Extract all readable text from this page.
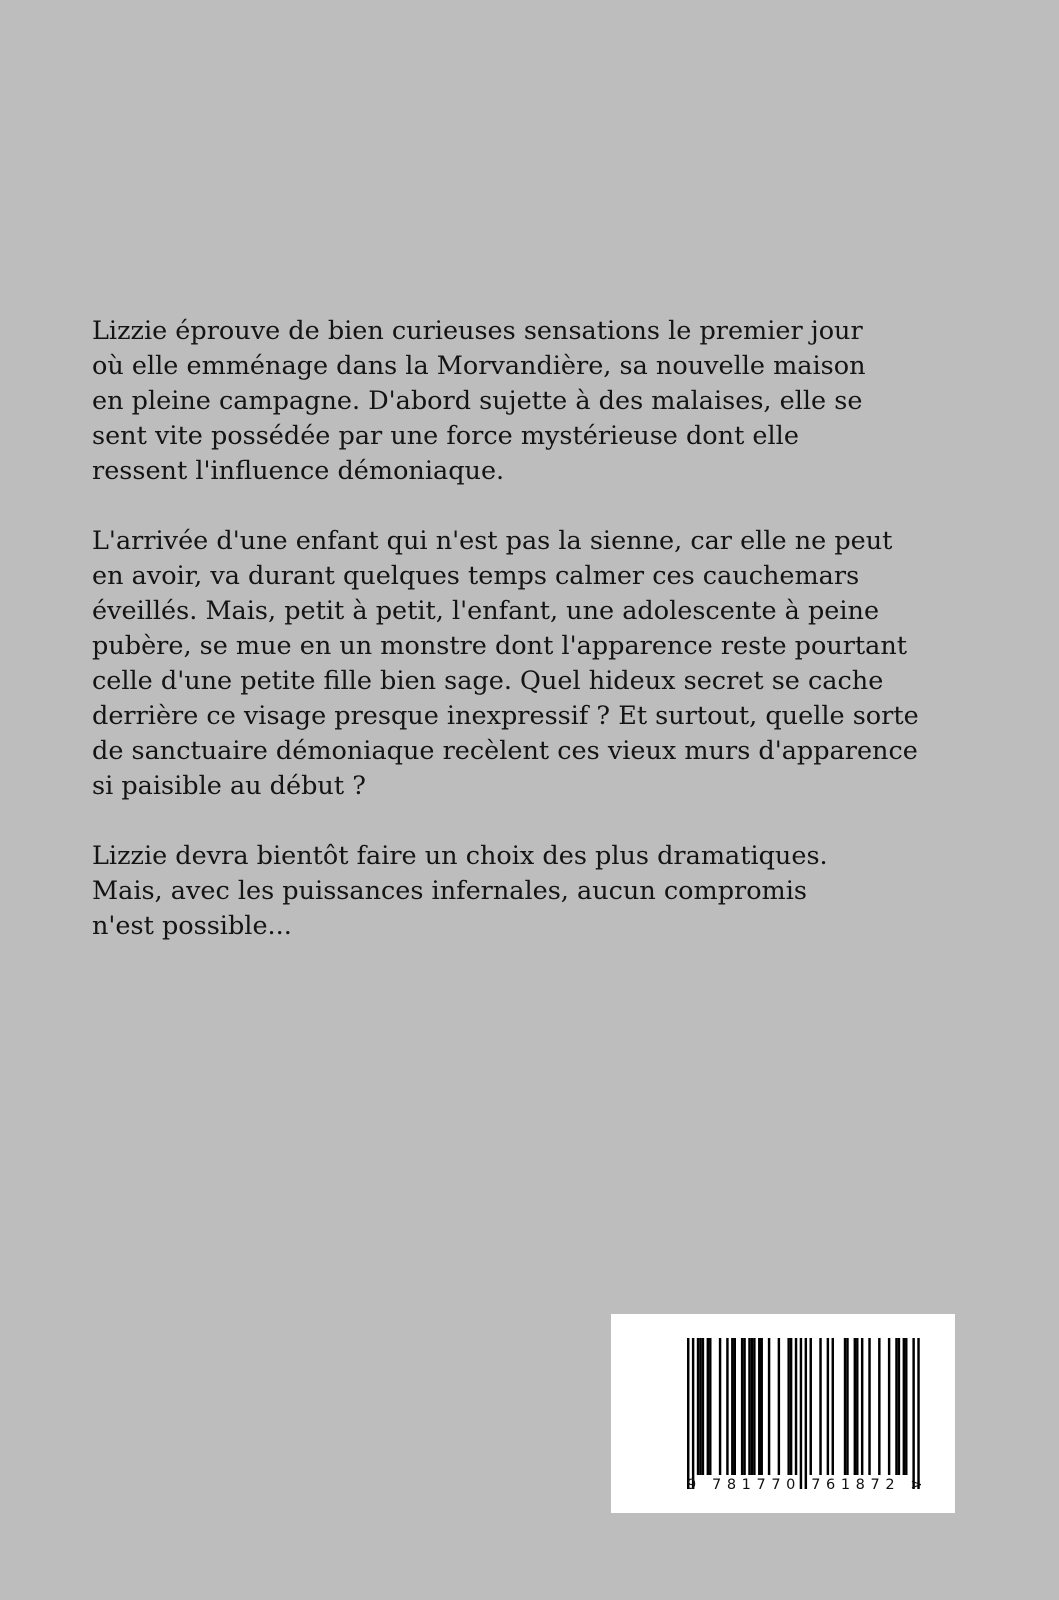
Lizzie éprouve de bien curieuses sensations le premier jour
où elle emménage dans la Morvandière, sa nouvelle maison
en pleine campagne. D'abord sujette à des malaises, elle se
sent vite possédée par une force mystérieuse dont elle
ressent l'influence démoniaque.

L'arrivée d'une enfant qui n'est pas la sienne, car elle ne peut
en avoir, va durant quelques temps calmer ces cauchemars
éveillés. Mais, petit à petit, l'enfant, une adolescente à peine
pubère, se mue en un monstre dont l'apparence reste pourtant
celle d'une petite fille bien sage. Quel hideux secret se cache
derrière ce visage presque inexpressif ? Et surtout, quelle sorte
de sanctuaire démoniaque recèlent ces vieux murs d'apparence
si paisible au début ?

Lizzie devra bientôt faire un choix des plus dramatiques.
Mais, avec les puissances infernales, aucun compromis
n'est possible...

9 781770 761872 >
